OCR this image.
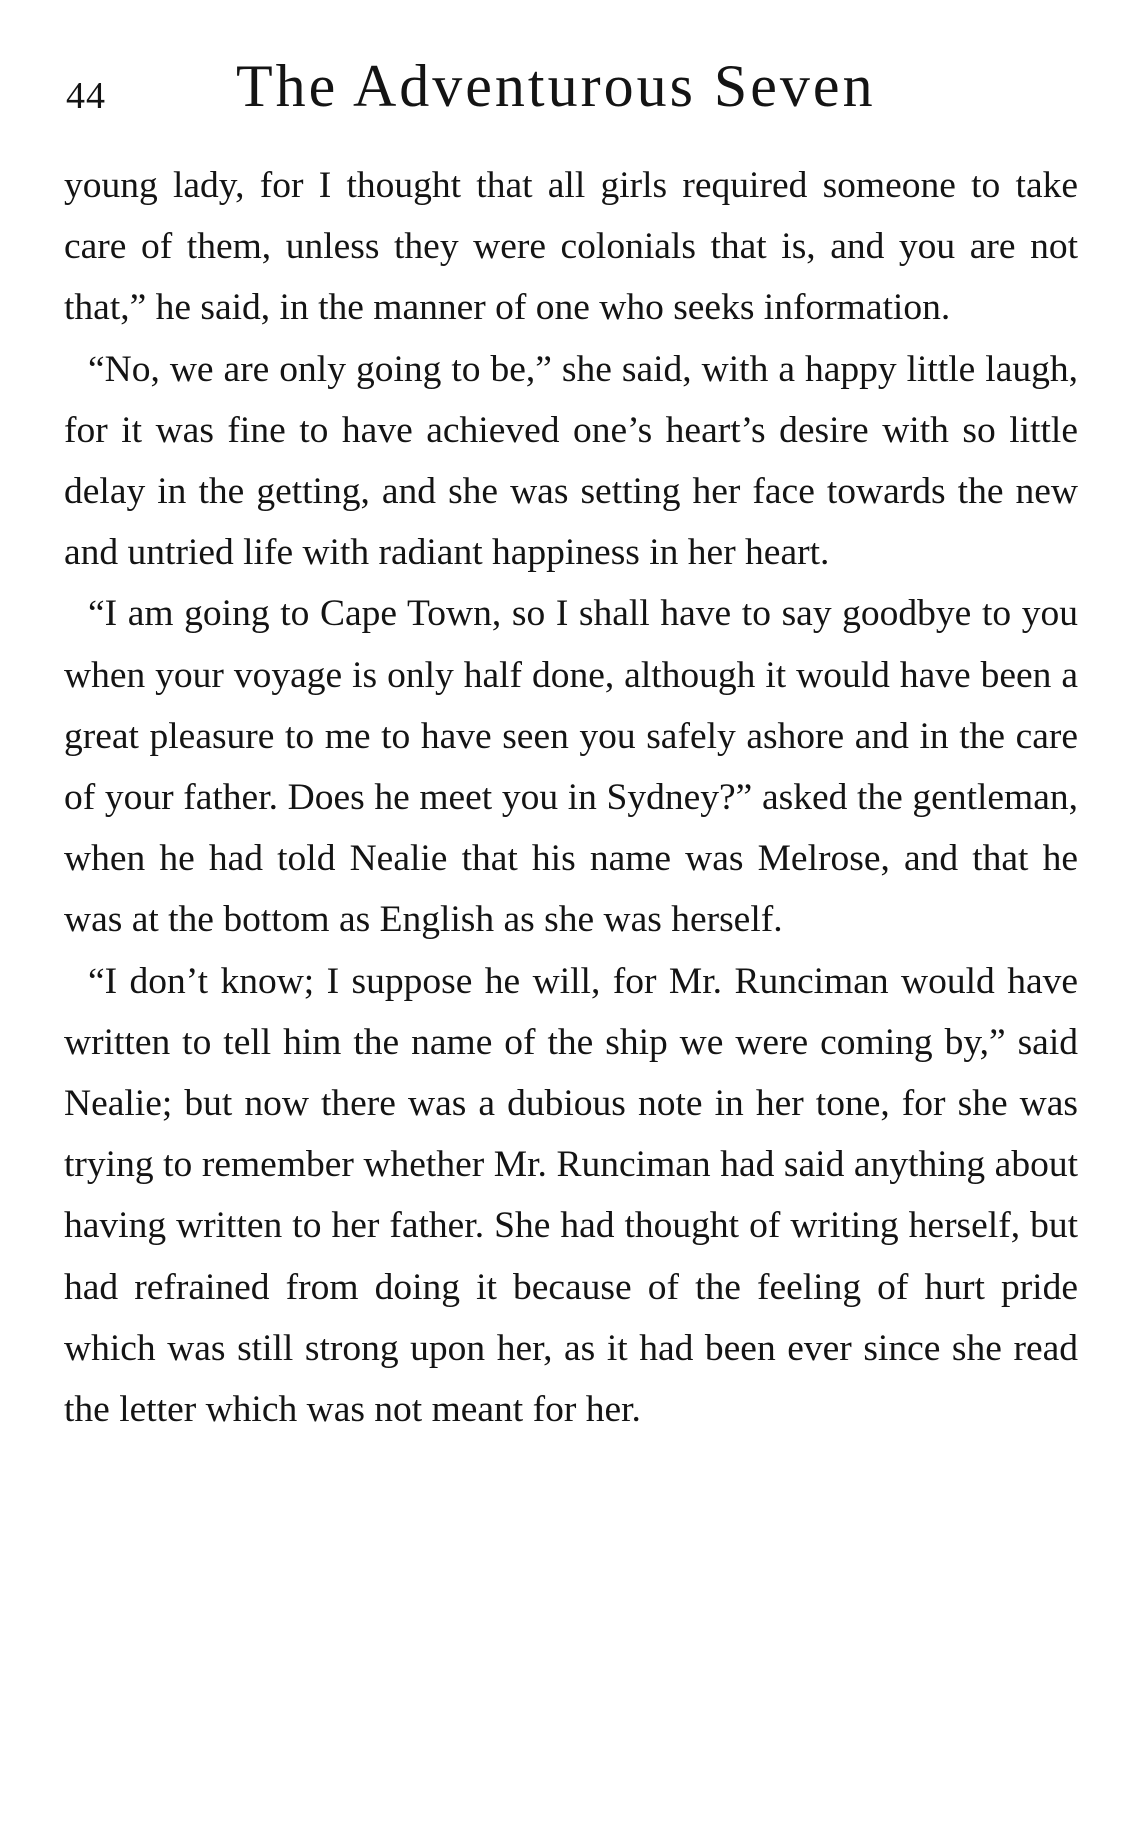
44 The Adventurous Seven

young lady, for I thought that all girls required someone to take care of them, unless they were colonials that is, and you are not that,” he said, in the manner of one who seeks information.

“No, we are only going to be,” she said, with a happy little laugh, for it was fine to have achieved one’s heart’s desire with so little delay in the getting, and she was setting her face towards the new and untried life with radiant happiness in her heart.

“I am going to Cape Town, so I shall have to say goodbye to you when your voyage is only half done, although it would have been a great pleasure to me to have seen you safely ashore and in the care of your father. Does he meet you in Sydney?” asked the gentleman, when he had told Nealie that his name was Melrose, and that he was at the bottom as English as she was herself.

“I don’t know; I suppose he will, for Mr. Runciman would have written to tell him the name of the ship we were coming by,” said Nealie; but now there was a dubious note in her tone, for she was trying to remember whether Mr. Runciman had said anything about having written to her father. She had thought of writing herself, but had refrained from doing it because of the feeling of hurt pride which was still strong upon her, as it had been ever since she read the letter which was not meant for her.
